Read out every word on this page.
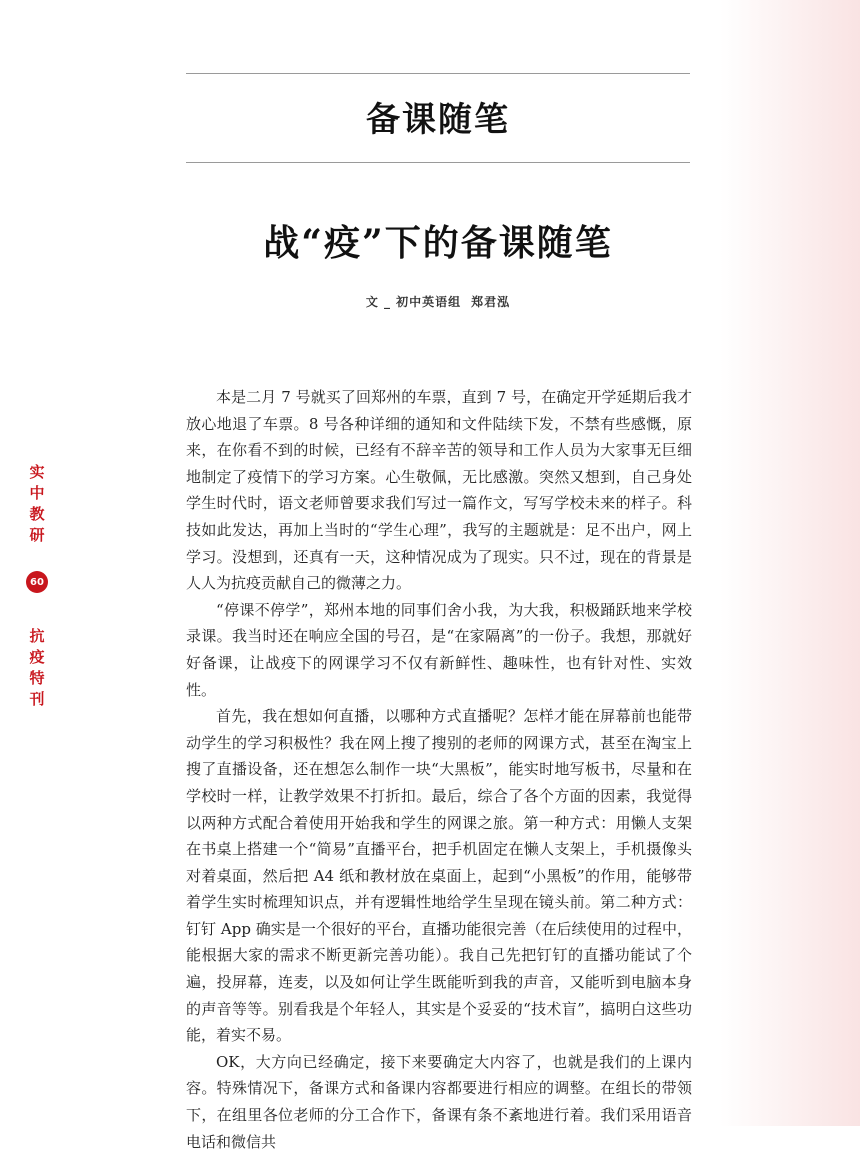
备课随笔
战“疫”下的备课随笔
文 _ 初中英语组 郑君泓

本是二月 7 号就买了回郑州的车票，直到 7 号，在确定开学延期后我才放心地退了车票。8 号各种详细的通知和文件陆续下发，不禁有些感慨，原来，在你看不到的时候，已经有不辞辛苦的领导和工作人员为大家事无巨细地制定了疫情下的学习方案。心生敬佩，无比感激。突然又想到，自己身处学生时代时，语文老师曾要求我们写过一篇作文，写写学校未来的样子。科技如此发达，再加上当时的“学生心理”，我写的主题就是：足不出户，网上学习。没想到，还真有一天，这种情况成为了现实。只不过，现在的背景是人人为抗疫贡献自己的微薄之力。

“停课不停学”，郑州本地的同事们舍小我，为大我，积极踊跃地来学校录课。我当时还在响应全国的号召，是“在家隔离”的一份子。我想，那就好好备课，让战疫下的网课学习不仅有新鲜性、趣味性，也有针对性、实效性。

首先，我在想如何直播，以哪种方式直播呢？怎样才能在屏幕前也能带动学生的学习积极性？我在网上搜了搜别的老师的网课方式，甚至在淘宝上搜了直播设备，还在想怎么制作一块“大黑板”，能实时地写板书，尽量和在学校时一样，让教学效果不打折扣。最后，综合了各个方面的因素，我觉得以两种方式配合着使用开始我和学生的网课之旅。第一种方式：用懒人支架在书桌上搭建一个“简易”直播平台，把手机固定在懒人支架上，手机摄像头对着桌面，然后把 A4 纸和教材放在桌面上，起到“小黑板”的作用，能够带着学生实时梳理知识点，并有逻辑性地给学生呈现在镜头前。第二种方式：钉钉 App 确实是一个很好的平台，直播功能很完善（在后续使用的过程中，能根据大家的需求不断更新完善功能）。我自己先把钉钉的直播功能试了个遍，投屏幕，连麦，以及如何让学生既能听到我的声音，又能听到电脑本身的声音等等。别看我是个年轻人，其实是个妥妥的“技术盲”，搞明白这些功能，着实不易。

OK，大方向已经确定，接下来要确定大内容了，也就是我们的上课内容。特殊情况下，备课方式和备课内容都要进行相应的调整。在组长的带领下，在组里各位老师的分工合作下，备课有条不紊地进行着。我们采用语音电话和微信共

实
中
教
研
60
抗
疫
特
刊
